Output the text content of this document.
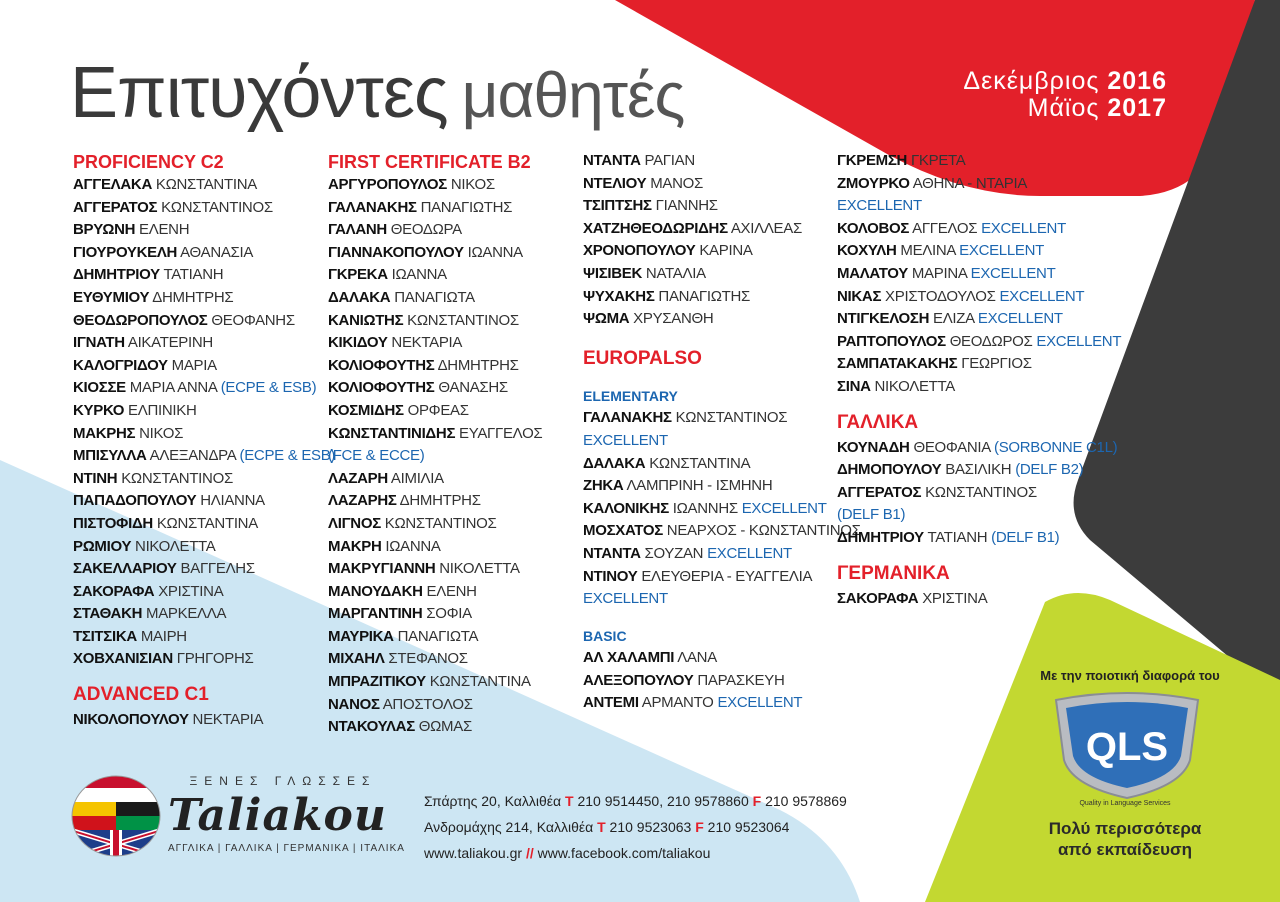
Επιτυχόντες μαθητές	Δεκέμβριος 2016
Μάϊος 2017
PROFICIENCY C2
ΑΓΓΕΛΑΚΑ ΚΩΝΣΤΑΝΤΙΝΑ
ΑΓΓΕΡΑΤΟΣ ΚΩΝΣΤΑΝΤΙΝΟΣ
ΒΡΥΩΝΗ ΕΛΕΝΗ
ΓΙΟΥΡΟΥΚΕΛΗ ΑΘΑΝΑΣΙΑ
ΔΗΜΗΤΡΙΟΥ ΤΑΤΙΑΝΗ
ΕΥΘΥΜΙΟΥ ΔΗΜΗΤΡΗΣ
ΘΕΟΔΩΡΟΠΟΥΛΟΣ ΘΕΟΦΑΝΗΣ
ΙΓΝΑΤΗ ΑΙΚΑΤΕΡΙΝΗ
ΚΑΛΟΓΡΙΔΟΥ ΜΑΡΙΑ
ΚΙΟΣΣΕ ΜΑΡΙΑ ΑΝΝΑ (ECPE & ESB)
ΚΥΡΚΟ ΕΛΠΙΝΙΚΗ
ΜΑΚΡΗΣ ΝΙΚΟΣ
ΜΠΙΣΥΛΛΑ ΑΛΕΞΑΝΔΡΑ (ECPE & ESB)
ΝΤΙΝΗ ΚΩΝΣΤΑΝΤΙΝΟΣ
ΠΑΠΑΔΟΠΟΥΛΟΥ ΗΛΙΑΝΝΑ
ΠΙΣΤΟΦΙΔΗ ΚΩΝΣΤΑΝΤΙΝΑ
ΡΩΜΙΟΥ ΝΙΚΟΛΕΤΤΑ
ΣΑΚΕΛΛΑΡΙΟΥ ΒΑΓΓΕΛΗΣ
ΣΑΚΟΡΑΦΑ ΧΡΙΣΤΙΝΑ
ΣΤΑΘΑΚΗ ΜΑΡΚΕΛΛΑ
ΤΣΙΤΣΙΚΑ ΜΑΙΡΗ
ΧΟΒΧΑΝΙΣΙΑΝ ΓΡΗΓΟΡΗΣ
ADVANCED C1
ΝΙΚΟΛΟΠΟΥΛΟΥ ΝΕΚΤΑΡΙΑ
FIRST CERTIFICATE B2
ΑΡΓΥΡΟΠΟΥΛΟΣ ΝΙΚΟΣ
ΓΑΛΑΝΑΚΗΣ ΠΑΝΑΓΙΩΤΗΣ
ΓΑΛΑΝΗ ΘΕΟΔΩΡΑ
ΓΙΑΝΝΑΚΟΠΟΥΛΟΥ ΙΩΑΝΝΑ
ΓΚΡΕΚΑ ΙΩΑΝΝΑ
ΔΑΛΑΚΑ ΠΑΝΑΓΙΩΤΑ
ΚΑΝΙΩΤΗΣ ΚΩΝΣΤΑΝΤΙΝΟΣ
ΚΙΚΙΔΟΥ ΝΕΚΤΑΡΙΑ
ΚΟΛΙΟΦΟΥΤΗΣ ΔΗΜΗΤΡΗΣ
ΚΟΛΙΟΦΟΥΤΗΣ ΘΑΝΑΣΗΣ
ΚΟΣΜΙΔΗΣ ΟΡΦΕΑΣ
ΚΩΝΣΤΑΝΤΙΝΙΔΗΣ ΕΥΑΓΓΕΛΟΣ
(FCE & ECCE)
ΛΑΖΑΡΗ ΑΙΜΙΛΙΑ
ΛΑΖΑΡΗΣ ΔΗΜΗΤΡΗΣ
ΛΙΓΝΟΣ ΚΩΝΣΤΑΝΤΙΝΟΣ
ΜΑΚΡΗ ΙΩΑΝΝΑ
ΜΑΚΡΥΓΙΑΝΝΗ ΝΙΚΟΛΕΤΤΑ
ΜΑΝΟΥΔΑΚΗ ΕΛΕΝΗ
ΜΑΡΓΑΝΤΙΝΗ ΣΟΦΙΑ
ΜΑΥΡΙΚΑ ΠΑΝΑΓΙΩΤΑ
ΜΙΧΑΗΛ ΣΤΕΦΑΝΟΣ
ΜΠΡΑΖΙΤΙΚΟΥ ΚΩΝΣΤΑΝΤΙΝΑ
ΝΑΝΟΣ ΑΠΟΣΤΟΛΟΣ
ΝΤΑΚΟΥΛΑΣ ΘΩΜΑΣ
ΝΤΑΝΤΑ ΡΑΓΙΑΝ
ΝΤΕΛΙΟΥ ΜΑΝΟΣ
ΤΣΙΠΤΣΗΣ ΓΙΑΝΝΗΣ
ΧΑΤΖΗΘΕΟΔΩΡΙΔΗΣ ΑΧΙΛΛΕΑΣ
ΧΡΟΝΟΠΟΥΛΟΥ ΚΑΡΙΝΑ
ΨΙΣΙΒΕΚ ΝΑΤΑΛΙΑ
ΨΥΧΑΚΗΣ ΠΑΝΑΓΙΩΤΗΣ
ΨΩΜΑ ΧΡΥΣΑΝΘΗ
EUROPALSO
ELEMENTARY
ΓΑΛΑΝΑΚΗΣ ΚΩΝΣΤΑΝΤΙΝΟΣ
EXCELLENT
ΔΑΛΑΚΑ ΚΩΝΣΤΑΝΤΙΝΑ
ΖΗΚΑ ΛΑΜΠΡΙΝΗ - ΙΣΜΗΝΗ
ΚΑΛΟΝΙΚΗΣ ΙΩΑΝΝΗΣ EXCELLENT
ΜΟΣΧΑΤΟΣ ΝΕΑΡΧΟΣ - ΚΩΝΣΤΑΝΤΙΝΟΣ
ΝΤΑΝΤΑ ΣΟΥΖΑΝ EXCELLENT
ΝΤΙΝΟΥ ΕΛΕΥΘΕΡΙΑ - ΕΥΑΓΓΕΛΙΑ
EXCELLENT
BASIC
ΑΛ ΧΑΛΑΜΠΙ ΛΑΝΑ
ΑΛΕΞΟΠΟΥΛΟΥ ΠΑΡΑΣΚΕΥΗ
ΑΝΤΕΜΙ ΑΡΜΑΝΤΟ EXCELLENT
ΓΚΡΕΜΣΗ ΓΚΡΕΤΑ
ΖΜΟΥΡΚΟ ΑΘΗΝΑ - ΝΤΑΡΙΑ
EXCELLENT
ΚΟΛΟΒΟΣ ΑΓΓΕΛΟΣ EXCELLENT
ΚΟΧΥΛΗ ΜΕΛΙΝΑ EXCELLENT
ΜΑΛΑΤΟΥ ΜΑΡΙΝΑ EXCELLENT
ΝΙΚΑΣ ΧΡΙΣΤΟΔΟΥΛΟΣ EXCELLENT
ΝΤΙΓΚΕΛΟΣΗ ΕΛΙΖΑ EXCELLENT
ΡΑΠΤΟΠΟΥΛΟΣ ΘΕΟΔΩΡΟΣ EXCELLENT
ΣΑΜΠΑΤΑΚΑΚΗΣ ΓΕΩΡΓΙΟΣ
ΣΙΝΑ ΝΙΚΟΛΕΤΤΑ
ΓΑΛΛΙΚΑ
ΚΟΥΝΑΔΗ ΘΕΟΦΑΝΙΑ (SORBONNE C1L)
ΔΗΜΟΠΟΥΛΟΥ ΒΑΣΙΛΙΚΗ (DELF B2)
ΑΓΓΕΡΑΤΟΣ ΚΩΝΣΤΑΝΤΙΝΟΣ
(DELF B1)
ΔΗΜΗΤΡΙΟΥ ΤΑΤΙΑΝΗ (DELF B1)
ΓΕΡΜΑΝΙΚΑ
ΣΑΚΟΡΑΦΑ ΧΡΙΣΤΙΝΑ
ΞΕΝΕΣ ΓΛΩΣΣΕΣ
Taliakou
ΑΓΓΛΙΚΑ | ΓΑΛΛΙΚΑ | ΓΕΡΜΑΝΙΚΑ | ΙΤΑΛΙΚΑ
Σπάρτης 20, Καλλιθέα T 210 9514450, 210 9578860 F 210 9578869
Ανδρομάχης 214, Καλλιθέα T 210 9523063 F 210 9523064
www.taliakou.gr // www.facebook.com/taliakou
Με την ποιοτική διαφορά του
QLS
Quality in Language Services
Πολύ περισσότερα
από εκπαίδευση
